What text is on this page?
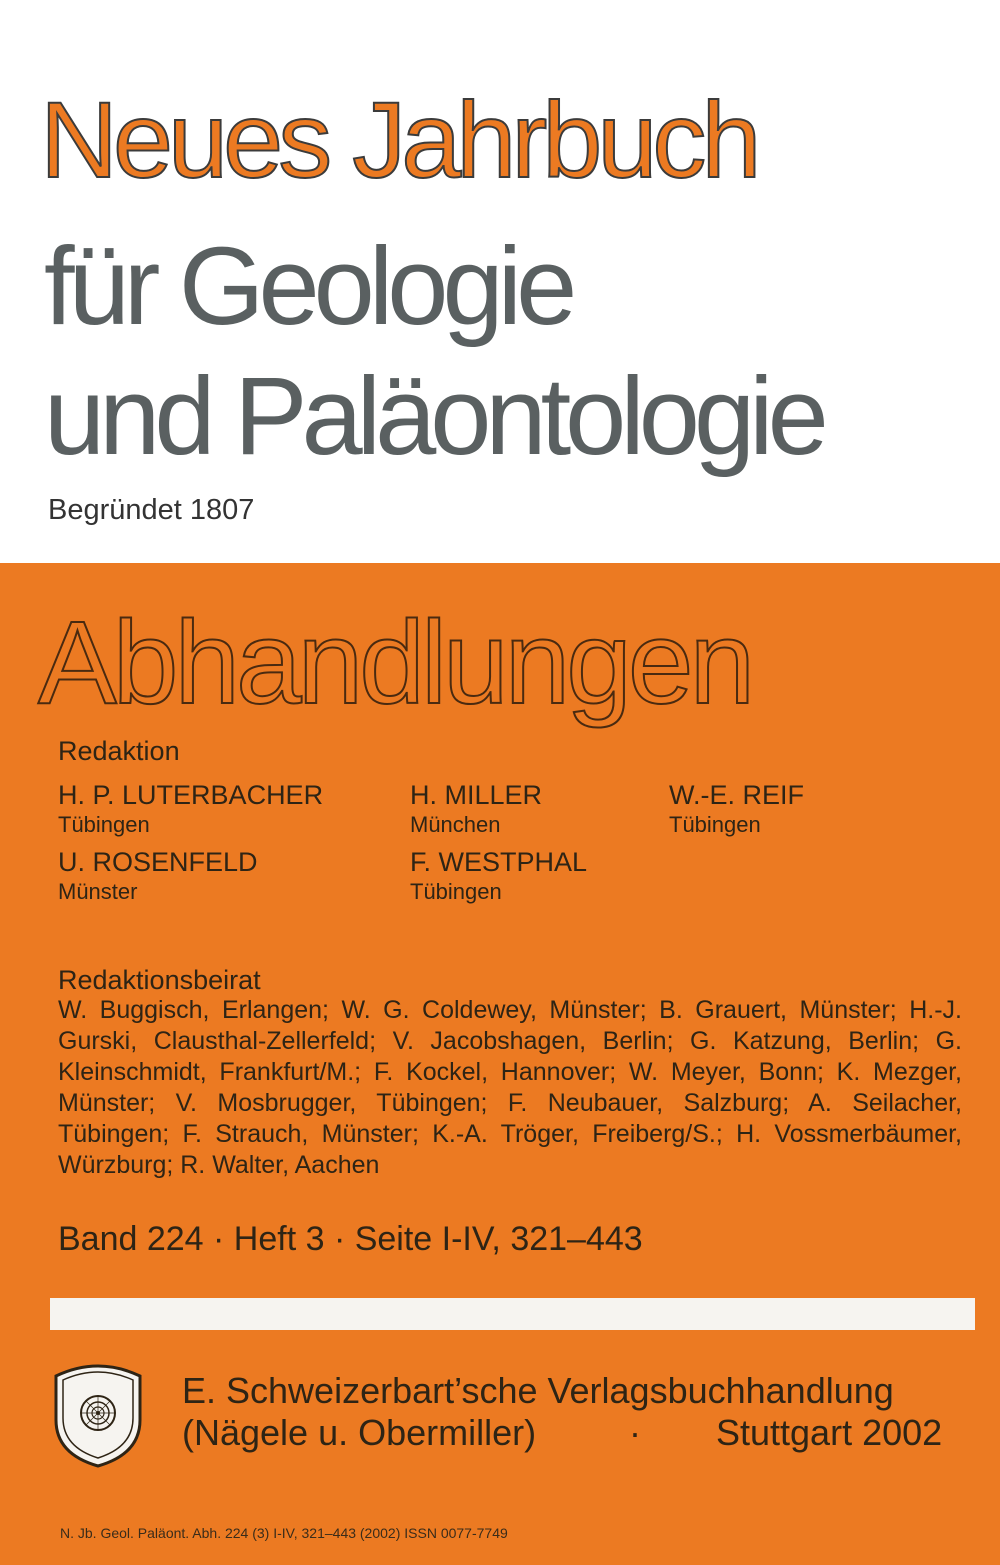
Neues Jahrbuch
für Geologie
und Paläontologie
Begründet 1807
Abhandlungen
Redaktion
H. P. LUTERBACHER
Tübingen
H. MILLER
München
W.-E. REIF
Tübingen
U. ROSENFELD
Münster
F. WESTPHAL
Tübingen
Redaktionsbeirat
W. Buggisch, Erlangen; W. G. Coldewey, Münster; B. Grauert, Münster; H.-J. Gurski, Clausthal-Zellerfeld; V. Jacobshagen, Berlin; G. Katzung, Berlin; G. Kleinschmidt, Frankfurt/M.; F. Kockel, Hannover; W. Meyer, Bonn; K. Mezger, Münster; V. Mosbrugger, Tübingen; F. Neubauer, Salzburg; A. Seilacher, Tübingen; F. Strauch, Münster; K.-A. Tröger, Freiberg/S.; H. Vossmerbäumer, Würzburg; R. Walter, Aachen
Band 224 · Heft 3 · Seite I-IV, 321–443
E. Schweizerbart’sche Verlagsbuchhandlung
(Nägele u. Obermiller)	· Stuttgart 2002
N. Jb. Geol. Paläont. Abh. 224 (3) I-IV, 321–443 (2002) ISSN 0077-7749
